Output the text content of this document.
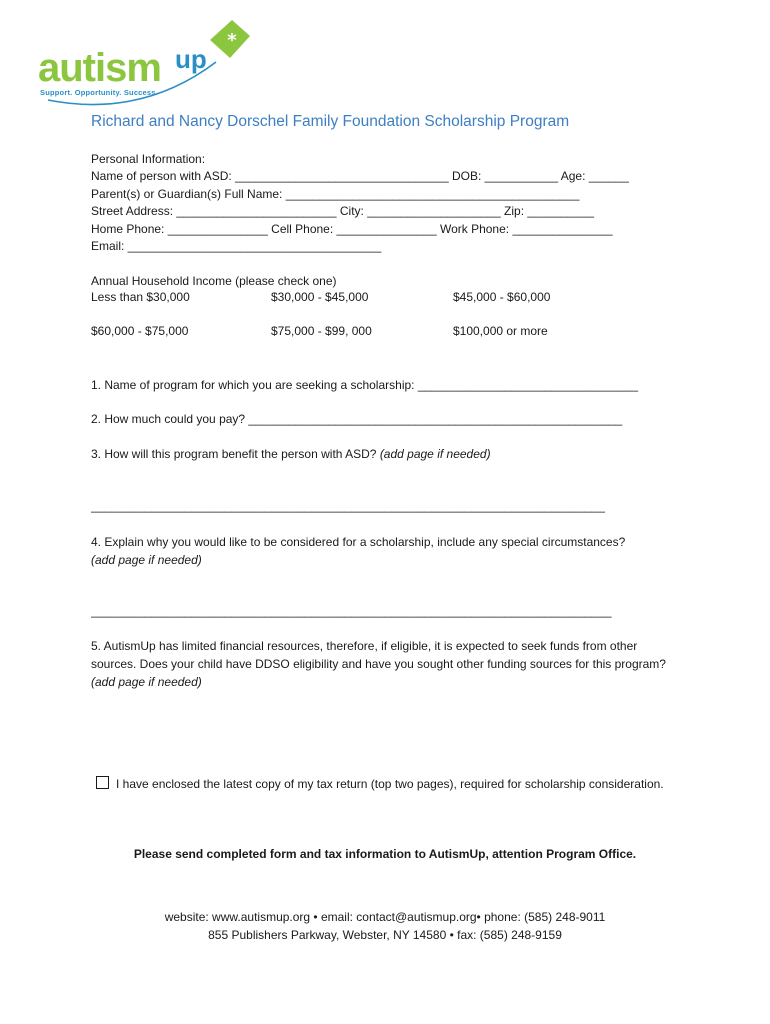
*
autism up
Support. Opportunity. Success.
Richard and Nancy Dorschel Family Foundation Scholarship Program
Personal Information:
Name of person with ASD: ________________________________ DOB: ___________ Age: ______
Parent(s) or Guardian(s) Full Name: ____________________________________________
Street Address: ________________________ City: ____________________ Zip: __________
Home Phone: _______________ Cell Phone: _______________ Work Phone: _______________
Email: ______________________________________
Annual Household Income (please check one)
Less than $30,000	$30,000 - $45,000	$45,000 - $60,000
$60,000 - $75,000	$75,000 - $99, 000	$100,000 or more
1. Name of program for which you are seeking a scholarship: _________________________________
2. How much could you pay? ________________________________________________________
3. How will this program benefit the person with ASD? (add page if needed)
_____________________________________________________________________________
4. Explain why you would like to be considered for a scholarship, include any special circumstances?
(add page if needed)
______________________________________________________________________________
5. AutismUp has limited financial resources, therefore, if eligible, it is expected to seek funds from other sources. Does your child have DDSO eligibility and have you sought other funding sources for this program? (add page if needed)
I have enclosed the latest copy of my tax return (top two pages), required for scholarship consideration.
Please send completed form and tax information to AutismUp, attention Program Office.
website: www.autismup.org • email: contact@autismup.org• phone: (585) 248-9011
855 Publishers Parkway, Webster, NY 14580 • fax: (585) 248-9159
